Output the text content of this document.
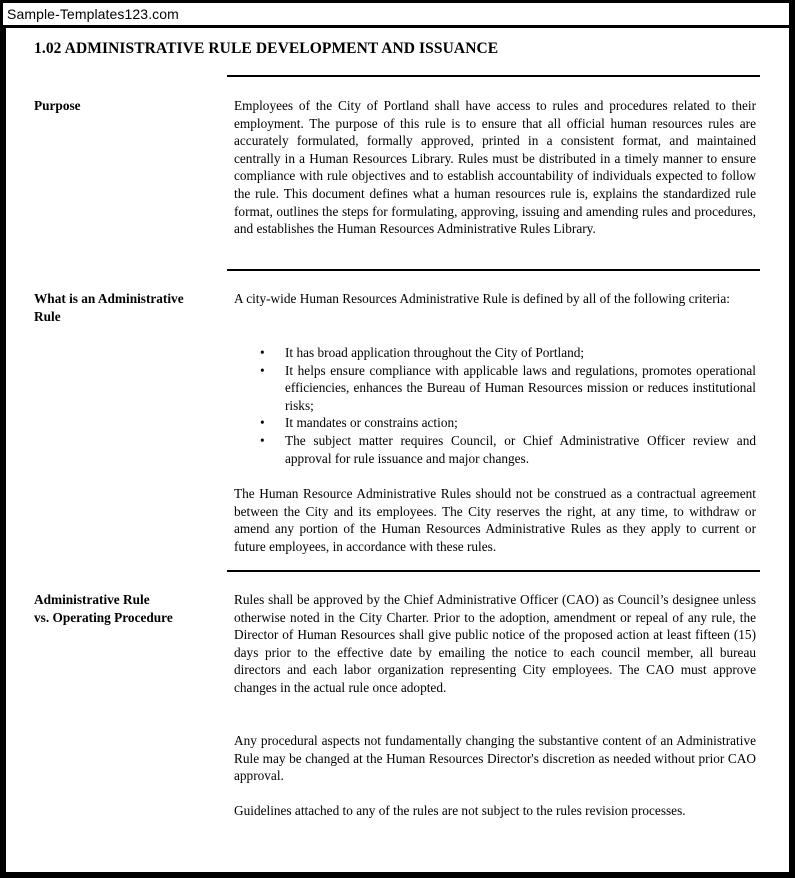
Sample-Templates123.com
1.02 ADMINISTRATIVE RULE DEVELOPMENT AND ISSUANCE
Purpose	Employees of the City of Portland shall have access to rules and procedures related to their employment. The purpose of this rule is to ensure that all official human resources rules are accurately formulated, formally approved, printed in a consistent format, and maintained centrally in a Human Resources Library. Rules must be distributed in a timely manner to ensure compliance with rule objectives and to establish accountability of individuals expected to follow the rule. This document defines what a human resources rule is, explains the standardized rule format, outlines the steps for formulating, approving, issuing and amending rules and procedures, and establishes the Human Resources Administrative Rules Library.

What is an Administrative
Rule

A city-wide Human Resources Administrative Rule is defined by all of the following criteria:

• It has broad application throughout the City of Portland;
• It helps ensure compliance with applicable laws and regulations, promotes operational efficiencies, enhances the Bureau of Human Resources mission or reduces institutional risks;
• It mandates or constrains action;
• The subject matter requires Council, or Chief Administrative Officer review and approval for rule issuance and major changes.

The Human Resource Administrative Rules should not be construed as a contractual agreement between the City and its employees. The City reserves the right, at any time, to withdraw or amend any portion of the Human Resources Administrative Rules as they apply to current or future employees, in accordance with these rules.

Administrative Rule
vs. Operating Procedure

Rules shall be approved by the Chief Administrative Officer (CAO) as Council’s designee unless otherwise noted in the City Charter. Prior to the adoption, amendment or repeal of any rule, the Director of Human Resources shall give public notice of the proposed action at least fifteen (15) days prior to the effective date by emailing the notice to each council member, all bureau directors and each labor organization representing City employees. The CAO must approve changes in the actual rule once adopted.

Any procedural aspects not fundamentally changing the substantive content of an Administrative Rule may be changed at the Human Resources Director's discretion as needed without prior CAO approval.

Guidelines attached to any of the rules are not subject to the rules revision processes.
